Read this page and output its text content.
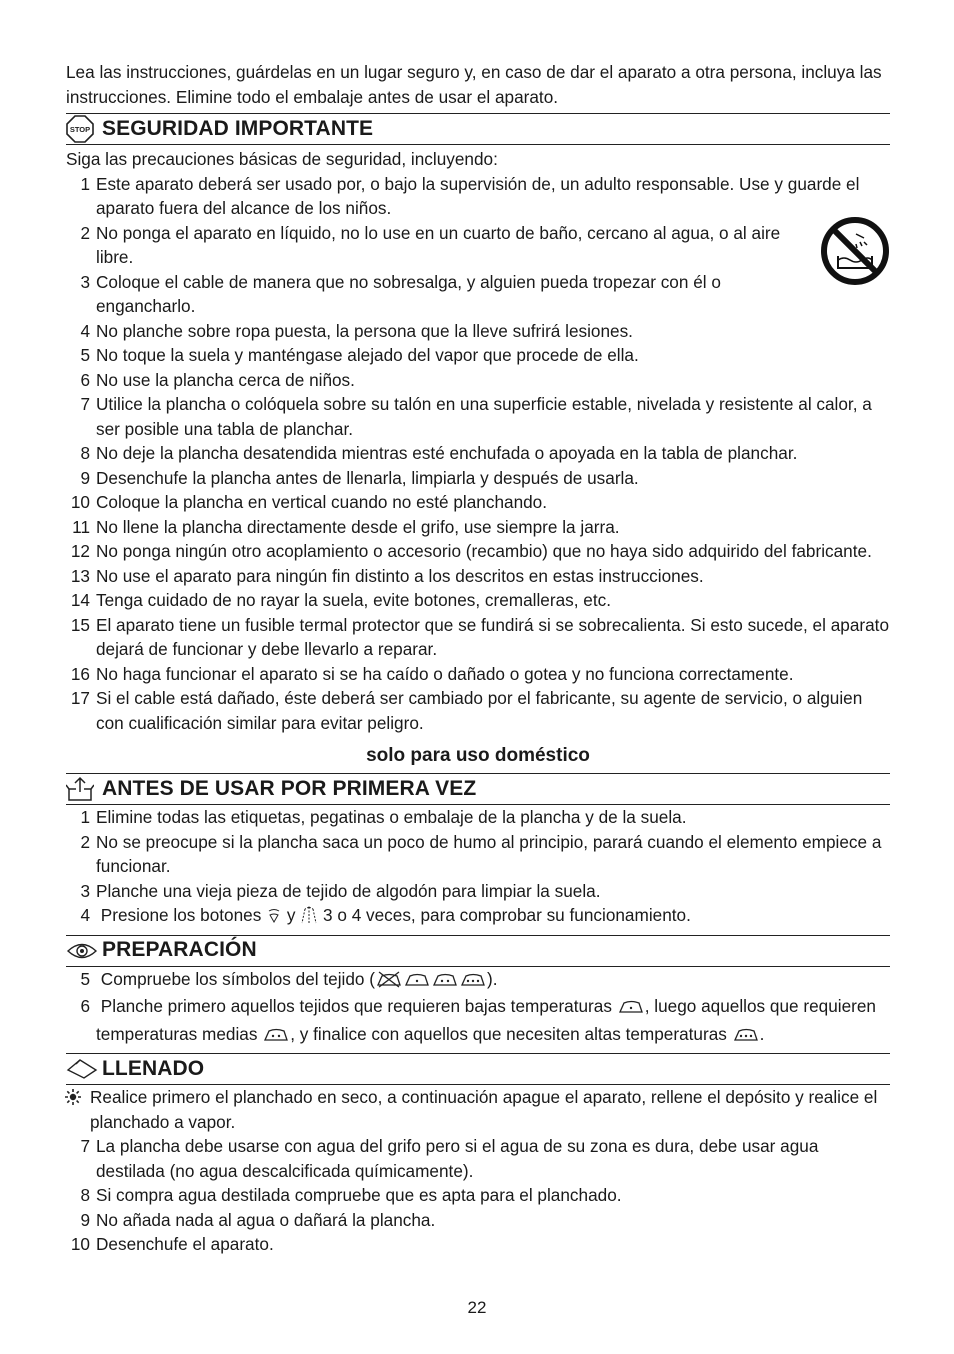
Lea las instrucciones, guárdelas en un lugar seguro y, en caso de dar el aparato a otra persona, incluya las instrucciones. Elimine todo el embalaje antes de usar el aparato.

STOP SEGURIDAD IMPORTANTE
Siga las precauciones básicas de seguridad, incluyendo:
1 Este aparato deberá ser usado por, o bajo la supervisión de, un adulto responsable. Use y guarde el aparato fuera del alcance de los niños.
2 No ponga el aparato en líquido, no lo use en un cuarto de baño, cercano al agua, o al aire libre.
3 Coloque el cable de manera que no sobresalga, y alguien pueda tropezar con él o engancharlo.
4 No planche sobre ropa puesta, la persona que la lleve sufrirá lesiones.
5 No toque la suela y manténgase alejado del vapor que procede de ella.
6 No use la plancha cerca de niños.
7 Utilice la plancha o colóquela sobre su talón en una superficie estable, nivelada y resistente al calor, a ser posible una tabla de planchar.
8 No deje la plancha desatendida mientras esté enchufada o apoyada en la tabla de planchar.
9 Desenchufe la plancha antes de llenarla, limpiarla y después de usarla.
10 Coloque la plancha en vertical cuando no esté planchando.
11 No llene la plancha directamente desde el grifo, use siempre la jarra.
12 No ponga ningún otro acoplamiento o accesorio (recambio) que no haya sido adquirido del fabricante.
13 No use el aparato para ningún fin distinto a los descritos en estas instrucciones.
14 Tenga cuidado de no rayar la suela, evite botones, cremalleras, etc.
15 El aparato tiene un fusible termal protector que se fundirá si se sobrecalienta. Si esto sucede, el aparato dejará de funcionar y debe llevarlo a reparar.
16 No haga funcionar el aparato si se ha caído o dañado o gotea y no funciona correctamente.
17 Si el cable está dañado, éste deberá ser cambiado por el fabricante, su agente de servicio, o alguien con cualificación similar para evitar peligro.
solo para uso doméstico
ANTES DE USAR POR PRIMERA VEZ
1 Elimine todas las etiquetas, pegatinas o embalaje de la plancha y de la suela.
2 No se preocupe si la plancha saca un poco de humo al principio, parará cuando el elemento empiece a funcionar.
3 Planche una vieja pieza de tejido de algodón para limpiar la suela.
4 Presione los botones y 3 o 4 veces, para comprobar su funcionamiento.
PREPARACIÓN
5 Compruebe los símbolos del tejido (	).
6 Planche primero aquellos tejidos que requieren bajas temperaturas , luego aquellos que requieren temperaturas medias , y finalice con aquellos que necesiten altas temperaturas .
LLENADO
Realice primero el planchado en seco, a continuación apague el aparato, rellene el depósito y realice el planchado a vapor.
7 La plancha debe usarse con agua del grifo pero si el agua de su zona es dura, debe usar agua destilada (no agua descalcificada químicamente).
8 Si compra agua destilada compruebe que es apta para el planchado.
9 No añada nada al agua o dañará la plancha.
10 Desenchufe el aparato.
22
